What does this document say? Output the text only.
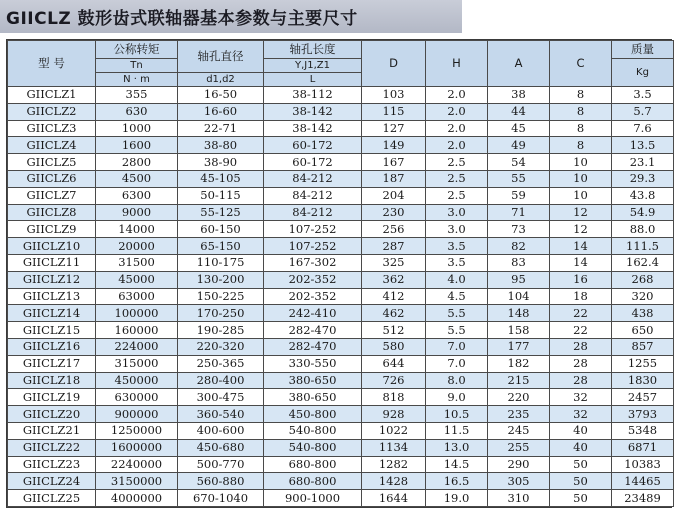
GIICLZ 鼓形齿式联轴器基本参数与主要尺寸
型 号	公称转矩	轴孔直径	轴孔长度	D	H	A	C	质量
	Tn		Y,J1,Z1					Kg
	N · m	d1,d2	L					
GIICLZ1	355	16-50	38-112	103	2.0	38	8	3.5
GIICLZ2	630	16-60	38-142	115	2.0	44	8	5.7
GIICLZ3	1000	22-71	38-142	127	2.0	45	8	7.6
GIICLZ4	1600	38-80	60-172	149	2.0	49	8	13.5
GIICLZ5	2800	38-90	60-172	167	2.5	54	10	23.1
GIICLZ6	4500	45-105	84-212	187	2.5	55	10	29.3
GIICLZ7	6300	50-115	84-212	204	2.5	59	10	43.8
GIICLZ8	9000	55-125	84-212	230	3.0	71	12	54.9
GIICLZ9	14000	60-150	107-252	256	3.0	73	12	88.0
GIICLZ10	20000	65-150	107-252	287	3.5	82	14	111.5
GIICLZ11	31500	110-175	167-302	325	3.5	83	14	162.4
GIICLZ12	45000	130-200	202-352	362	4.0	95	16	268
GIICLZ13	63000	150-225	202-352	412	4.5	104	18	320
GIICLZ14	100000	170-250	242-410	462	5.5	148	22	438
GIICLZ15	160000	190-285	282-470	512	5.5	158	22	650
GIICLZ16	224000	220-320	282-470	580	7.0	177	28	857
GIICLZ17	315000	250-365	330-550	644	7.0	182	28	1255
GIICLZ18	450000	280-400	380-650	726	8.0	215	28	1830
GIICLZ19	630000	300-475	380-650	818	9.0	220	32	2457
GIICLZ20	900000	360-540	450-800	928	10.5	235	32	3793
GIICLZ21	1250000	400-600	540-800	1022	11.5	245	40	5348
GIICLZ22	1600000	450-680	540-800	1134	13.0	255	40	6871
GIICLZ23	2240000	500-770	680-800	1282	14.5	290	50	10383
GIICLZ24	3150000	560-880	680-800	1428	16.5	305	50	14465
GIICLZ25	4000000	670-1040	900-1000	1644	19.0	310	50	23489
